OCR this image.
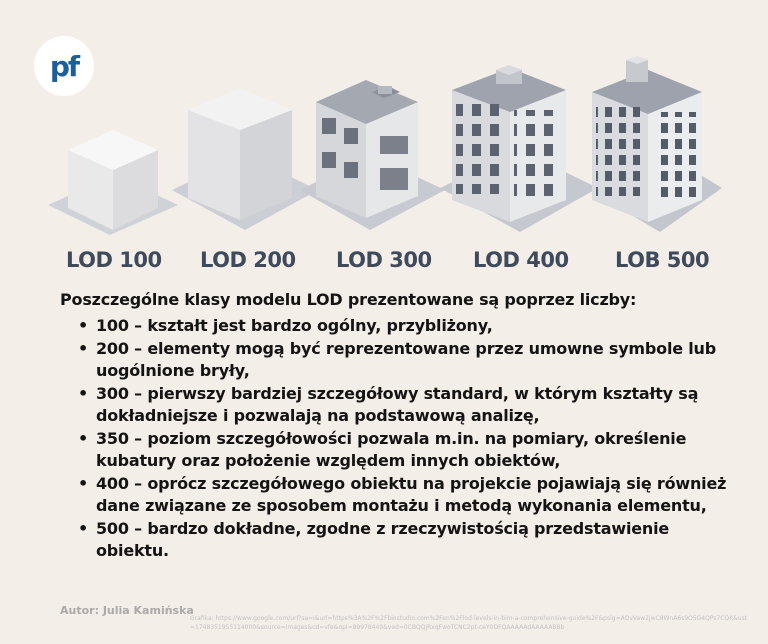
pf
LOD 100 LOD 200 LOD 300 LOD 400 LOB 500
Poszczególne klasy modelu LOD prezentowane są poprzez liczby:
• 100 – kształt jest bardzo ogólny, przybliżony,
• 200 – elementy mogą być reprezentowane przez umowne symbole lub uogólnione bryły,
• 300 – pierwszy bardziej szczegółowy standard, w którym kształty są dokładniejsze i pozwalają na podstawową analizę,
• 350 – poziom szczegółowości pozwala m.in. na pomiary, określenie kubatury oraz położenie względem innych obiektów,
• 400 – oprócz szczegółowego obiektu na projekcie pojawiają się również dane związane ze sposobem montażu i metodą wykonania elementu,
• 500 – bardzo dokładne, zgodne z rzeczywistością przedstawienie obiektu.
Autor: Julia Kamińska
Grafika: https://www.google.com/url?sa=i&url=https%3A%2F%2Fbiostudio.com%2Fen%2Flod-levels-in-bim-a-comprehensive-guide%2F&psig=AOvVaw2jwC8WnA6s9O5G4QPs7CQK&ust=1748351955114000&source=images&cd=vfe&opi=89978449&ved=0CBQQjRxqFwoTCNC2pt-ceY0DFQAAAAAdAAAAABBb
